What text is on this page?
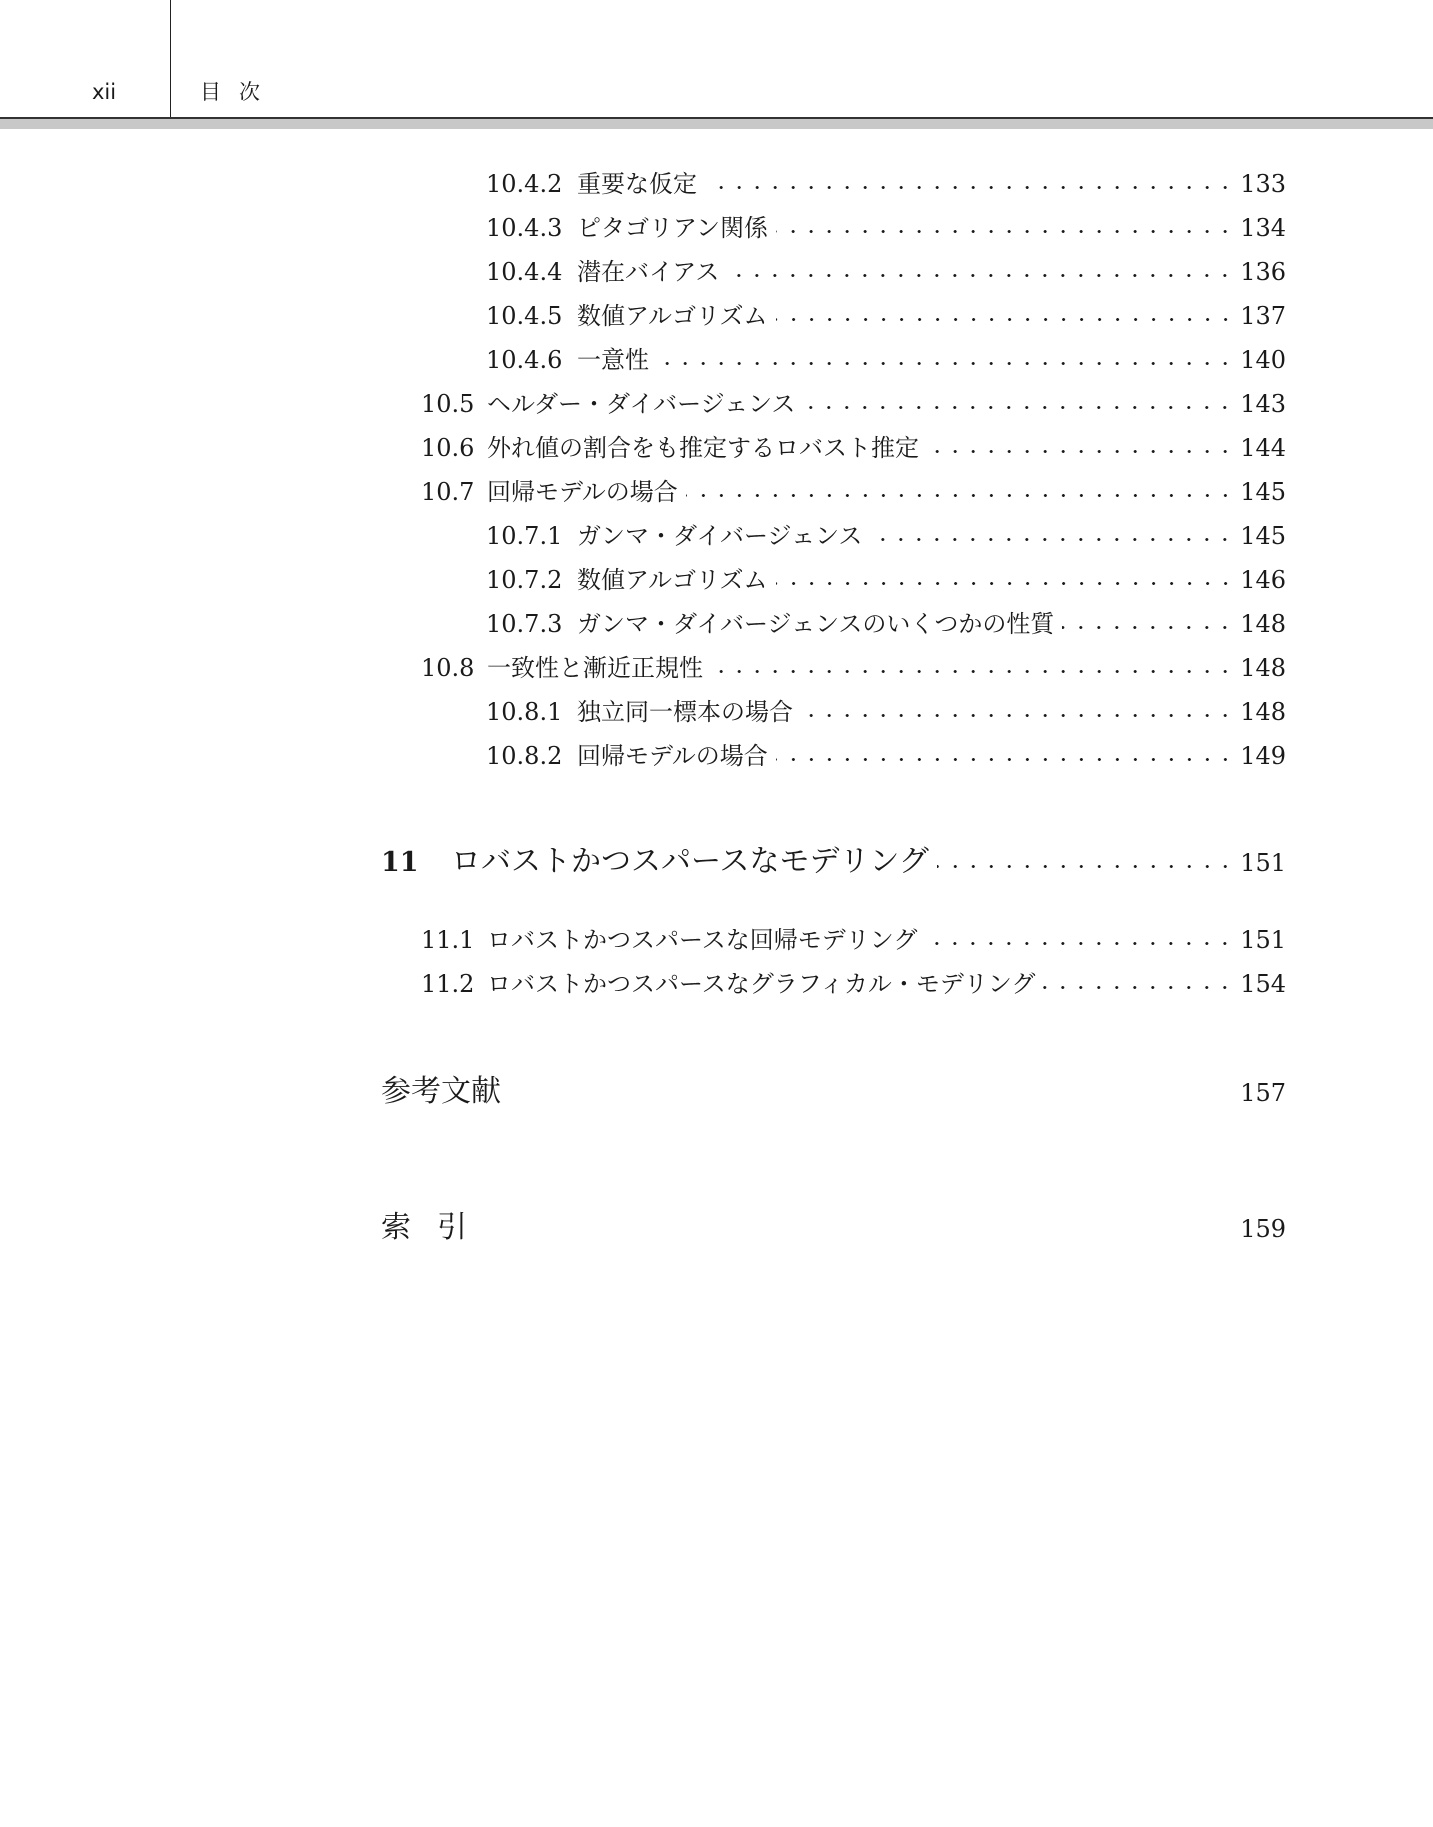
xii	目次
10.4.2 重要な仮定	133
10.4.3 ピタゴリアン関係	134
10.4.4 潜在バイアス	136
10.4.5 数値アルゴリズム	137
10.4.6 一意性	140
10.5 ヘルダー・ダイバージェンス	143
10.6 外れ値の割合をも推定するロバスト推定	144
10.7 回帰モデルの場合	145
10.7.1 ガンマ・ダイバージェンス	145
10.7.2 数値アルゴリズム	146
10.7.3 ガンマ・ダイバージェンスのいくつかの性質	148
10.8 一致性と漸近正規性	148
10.8.1 独立同一標本の場合	148
10.8.2 回帰モデルの場合	149
11	ロバストかつスパースなモデリング	151
11.1 ロバストかつスパースな回帰モデリング	151
11.2 ロバストかつスパースなグラフィカル・モデリング	154
参考文献	157
索引	159
